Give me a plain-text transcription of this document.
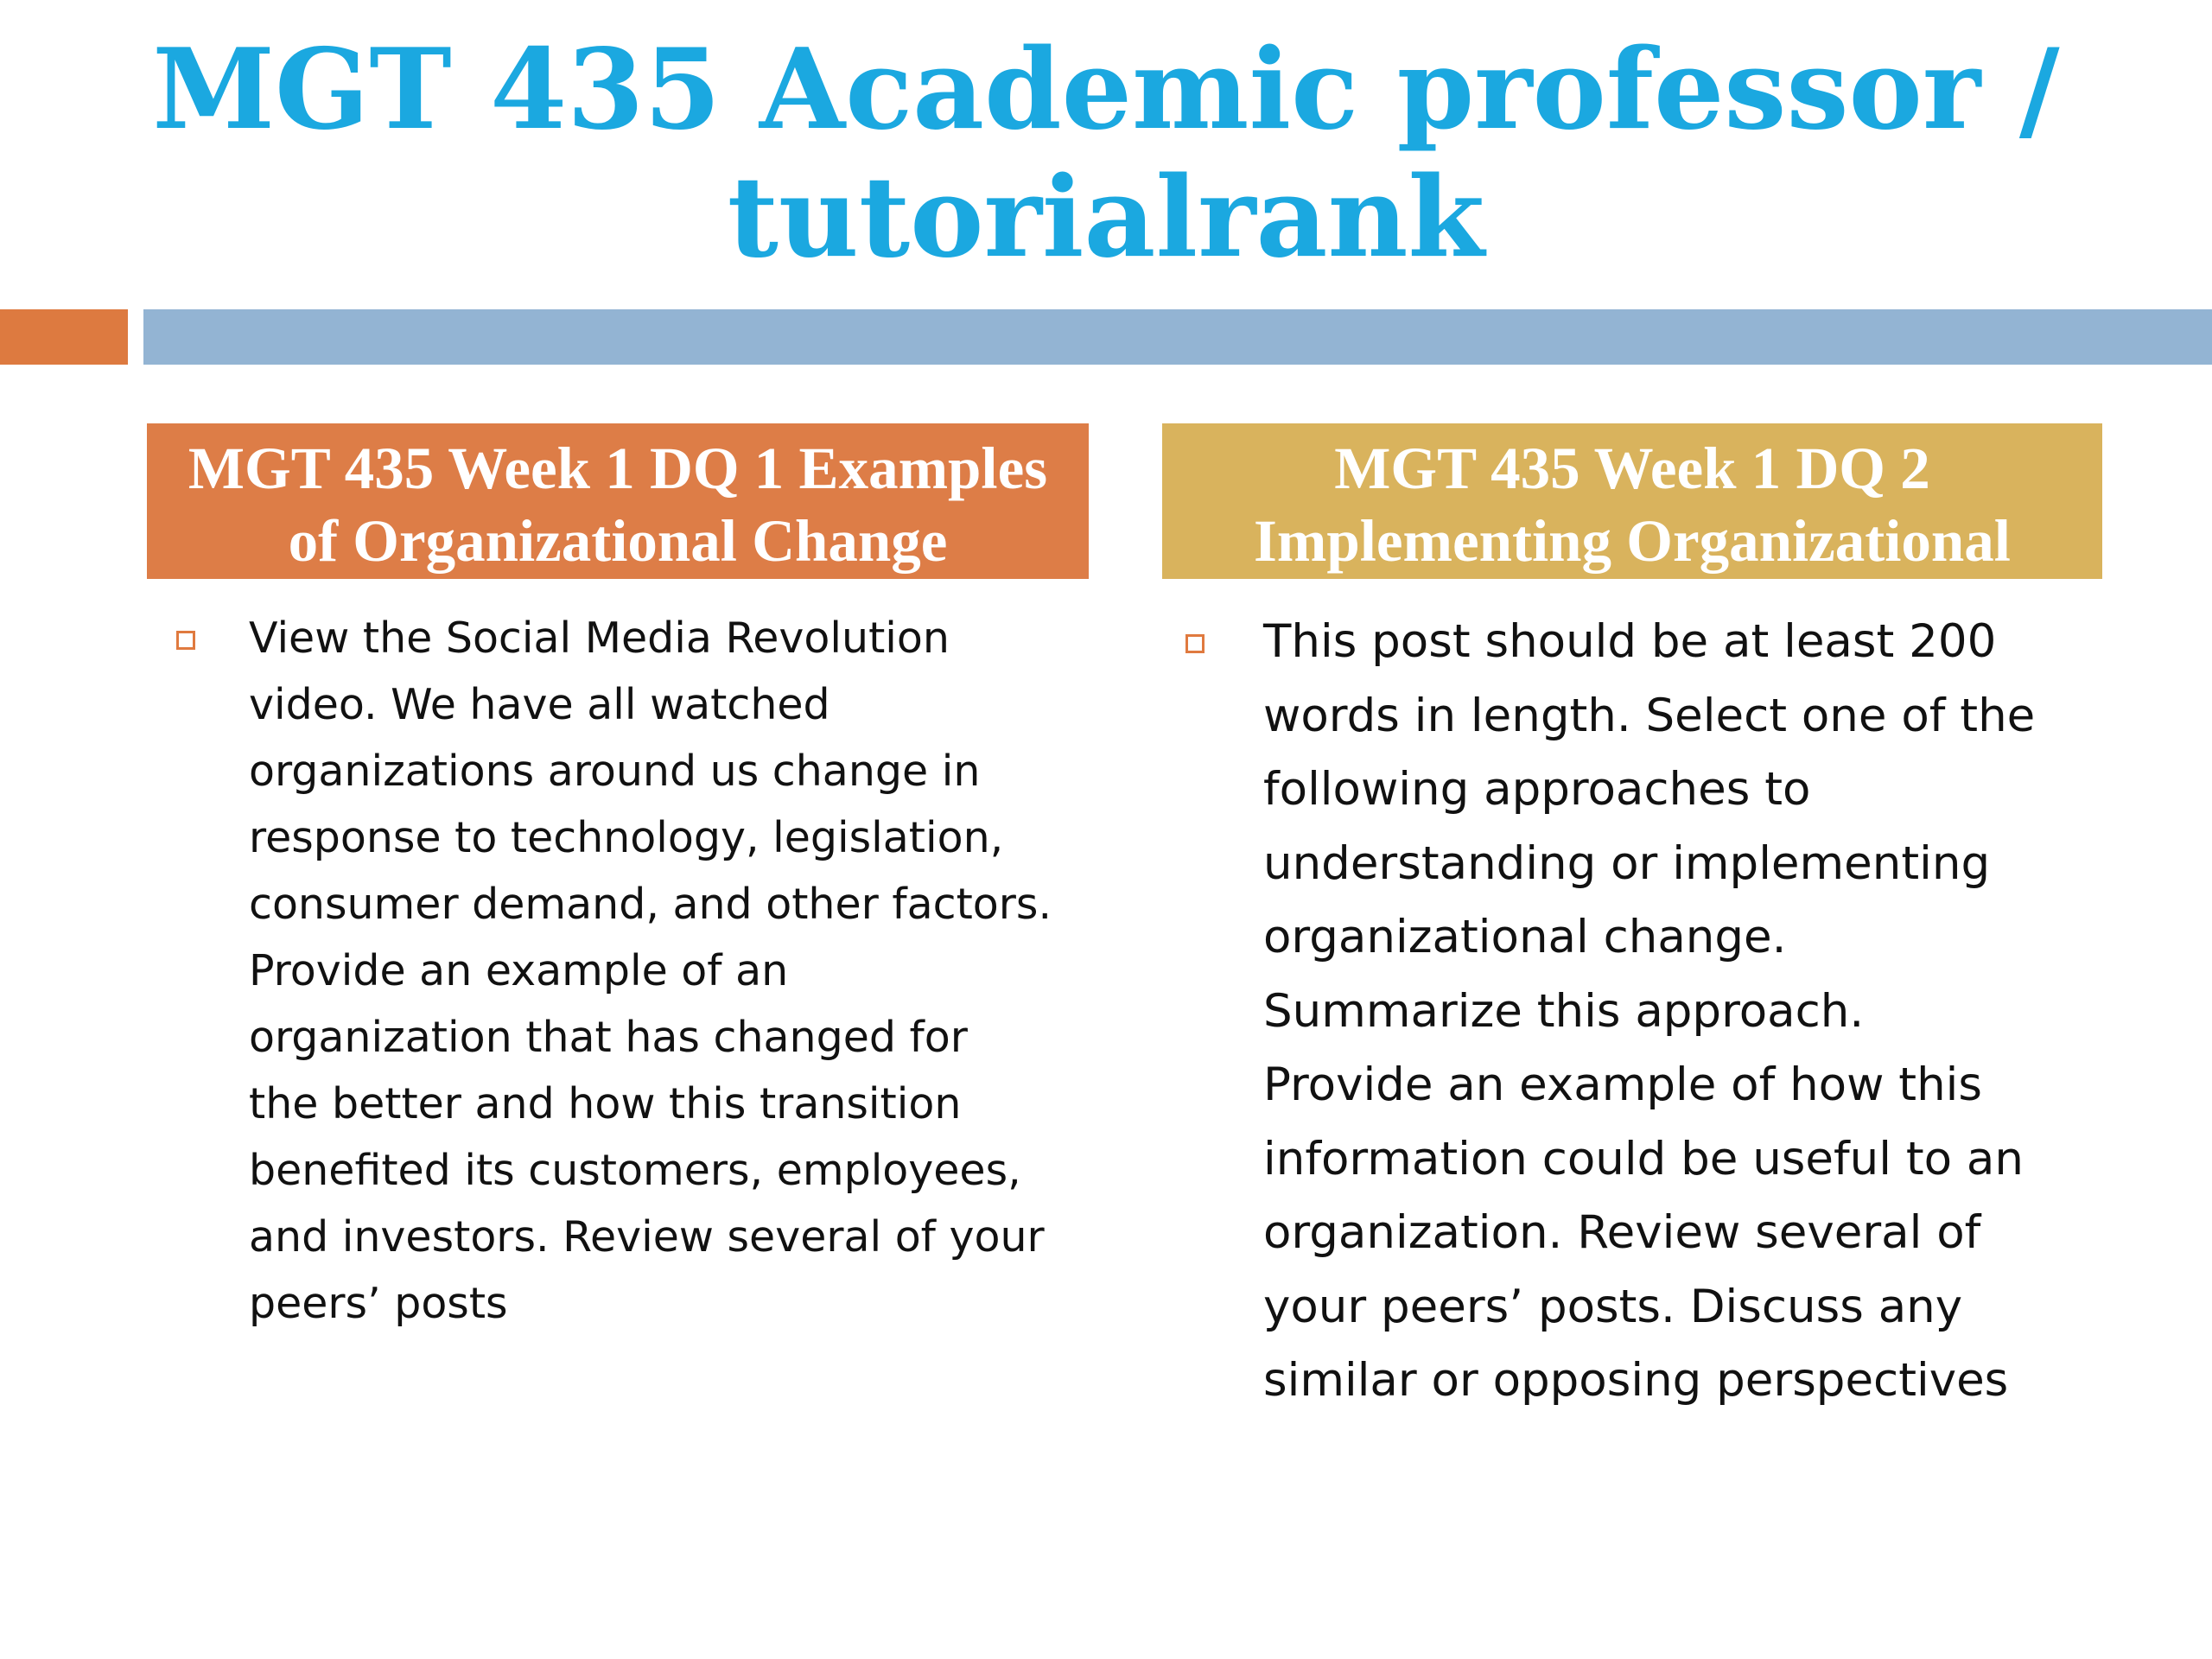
MGT 435 Academic professor /
tutorialrank
MGT 435 Week 1 DQ 1 Examples
of Organizational Change
View the Social Media Revolution
video. We have all watched
organizations around us change in
response to technology, legislation,
consumer demand, and other factors.
Provide an example of an
organization that has changed for
the better and how this transition
benefited its customers, employees,
and investors. Review several of your
peers’ posts
MGT 435 Week 1 DQ 2
Implementing Organizational
This post should be at least 200
words in length. Select one of the
following approaches to
understanding or implementing
organizational change.
Summarize this approach.
Provide an example of how this
information could be useful to an
organization. Review several of
your peers’ posts. Discuss any
similar or opposing perspectives
